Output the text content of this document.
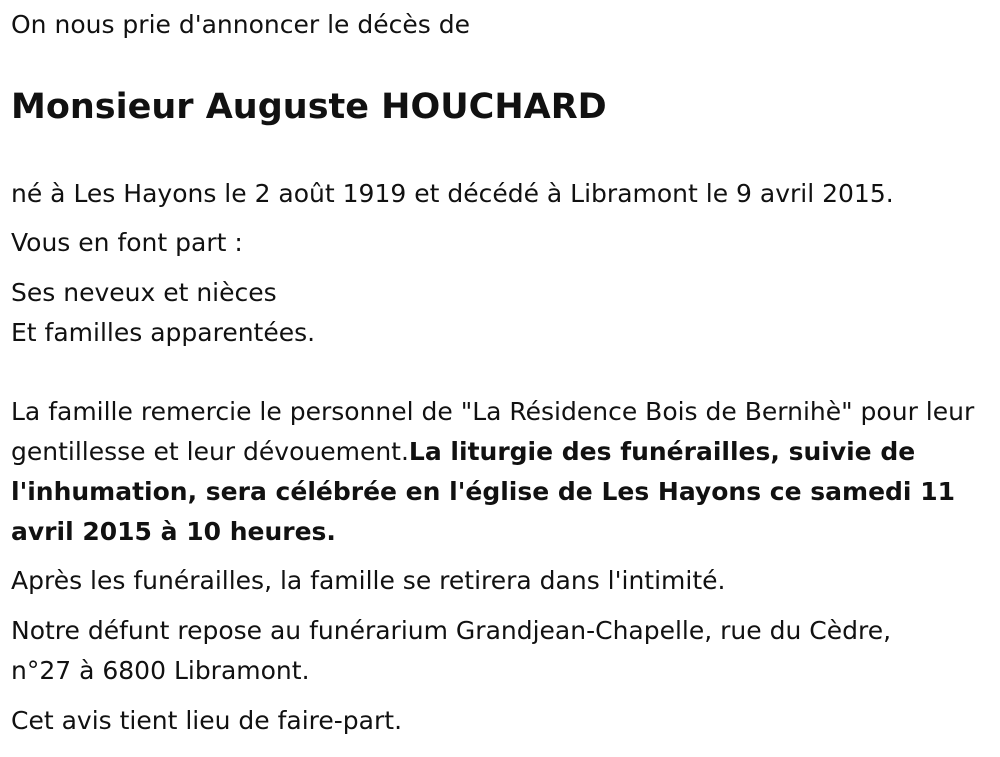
On nous prie d'annoncer le décès de

Monsieur Auguste HOUCHARD

né à Les Hayons le 2 août 1919 et décédé à Libramont le 9 avril 2015.

Vous en font part :

Ses neveux et nièces

Et familles apparentées.

La famille remercie le personnel de "La Résidence Bois de Bernihè" pour leur gentillesse et leur dévouement.La liturgie des funérailles, suivie de l'inhumation, sera célébrée en l'église de Les Hayons ce samedi 11 avril 2015 à 10 heures.

Après les funérailles, la famille se retirera dans l'intimité.

Notre défunt repose au funérarium Grandjean-Chapelle, rue du Cèdre,

n°27 à 6800 Libramont.

Cet avis tient lieu de faire-part.
